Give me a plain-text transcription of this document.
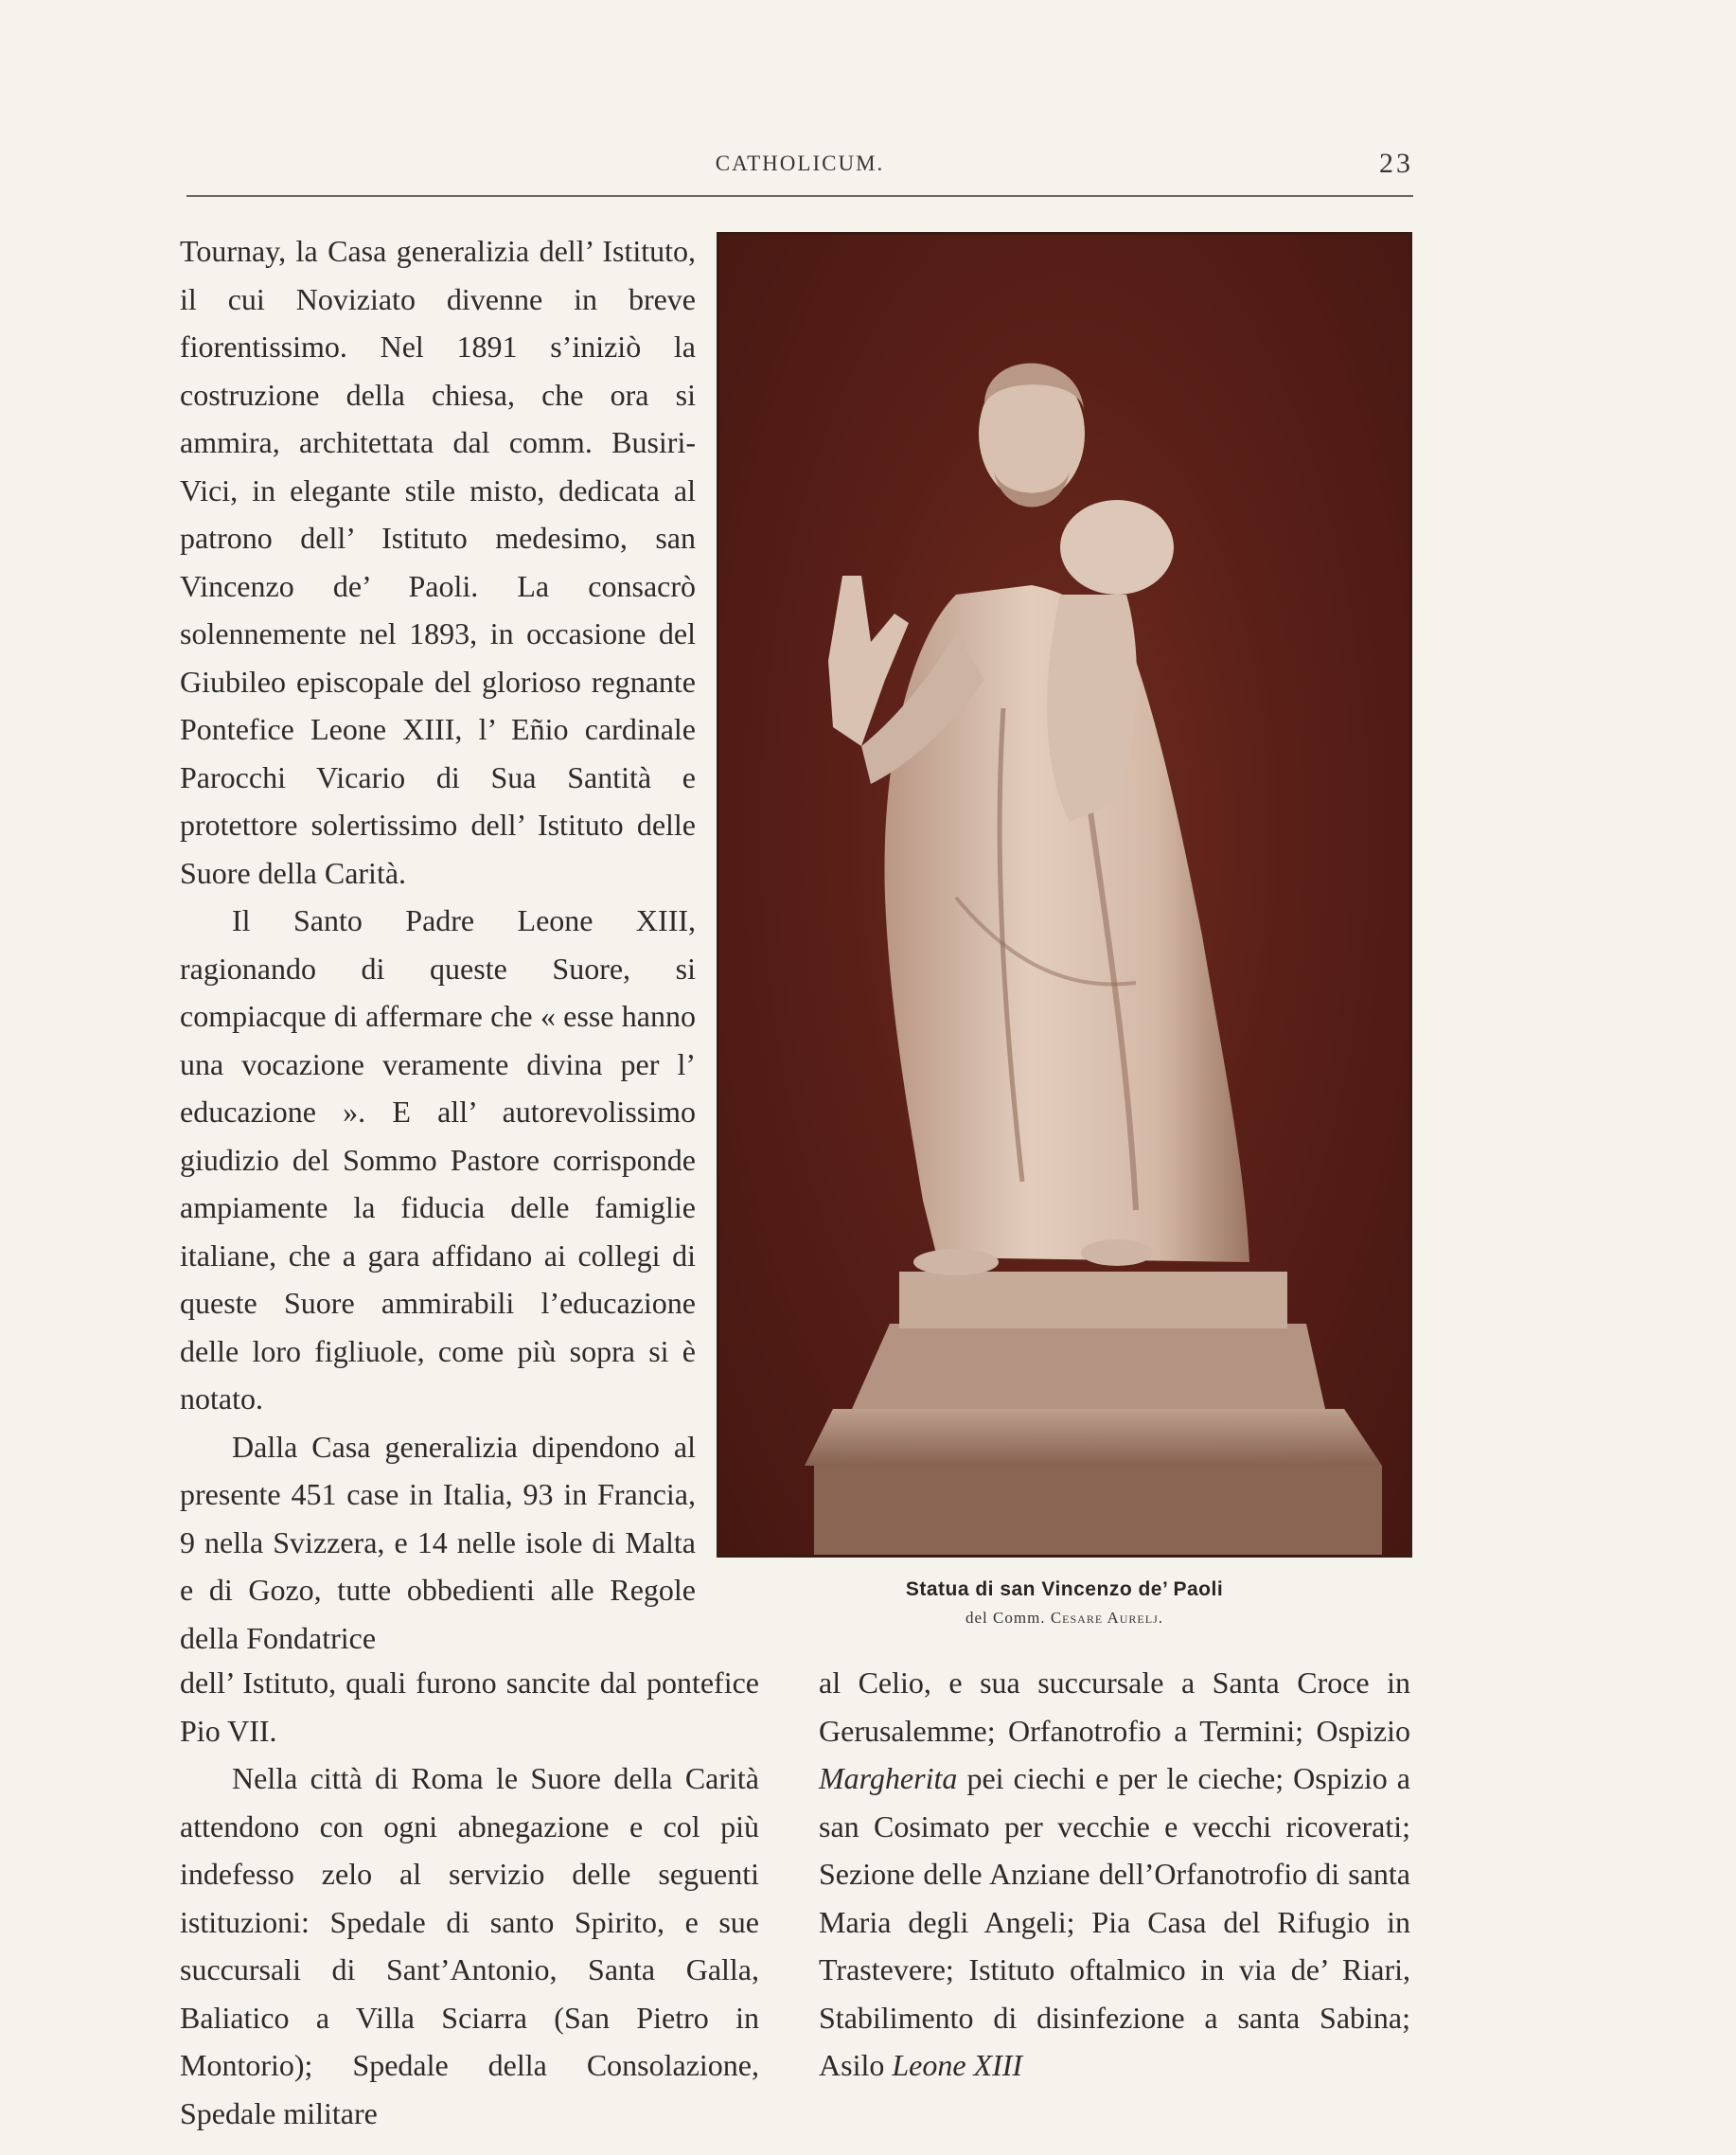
CATHOLICUM.	23

Tournay, la Casa generalizia dell’ Istituto, il cui Noviziato divenne in breve fiorentissimo. Nel 1891 s’iniziò la costruzione della chiesa, che ora si ammira, architettata dal comm. Busiri-Vici, in elegante stile misto, dedicata al patrono dell’ Istituto medesimo, san Vincenzo de’ Paoli. La consacrò solennemente nel 1893, in occasione del Giubileo episcopale del glorioso regnante Pontefice Leone XIII, l’ Eñio cardinale Parocchi Vicario di Sua Santità e protettore solertissimo dell’ Istituto delle Suore della Carità.

Il Santo Padre Leone XIII, ragionando di queste Suore, si compiacque di affermare che « esse hanno una vocazione veramente divina per l’ educazione ». E all’ autorevolissimo giudizio del Sommo Pastore corrisponde ampiamente la fiducia delle famiglie italiane, che a gara affidano ai collegi di queste Suore ammirabili l’educazione delle loro figliuole, come più sopra si è notato.

Dalla Casa generalizia dipendono al presente 451 case in Italia, 93 in Francia, 9 nella Svizzera, e 14 nelle isole di Malta e di Gozo, tutte obbedienti alle Regole della Fondatrice

Statua di san Vincenzo de’ Paoli
del Comm. Cesare Aurelj.

dell’ Istituto, quali furono sancite dal pontefice Pio VII.

Nella città di Roma le Suore della Carità attendono con ogni abnegazione e col più indefesso zelo al servizio delle seguenti istituzioni: Spedale di santo Spirito, e sue succursali di Sant’Antonio, Santa Galla, Baliatico a Villa Sciarra (San Pietro in Montorio); Spedale della Consolazione, Spedale militare

al Celio, e sua succursale a Santa Croce in Gerusalemme; Orfanotrofio a Termini; Ospizio Margherita pei ciechi e per le cieche; Ospizio a san Cosimato per vecchie e vecchi ricoverati; Sezione delle Anziane dell’Orfanotrofio di santa Maria degli Angeli; Pia Casa del Rifugio in Trastevere; Istituto oftalmico in via de’ Riari, Stabilimento di disinfezione a santa Sabina; Asilo Leone XIII
